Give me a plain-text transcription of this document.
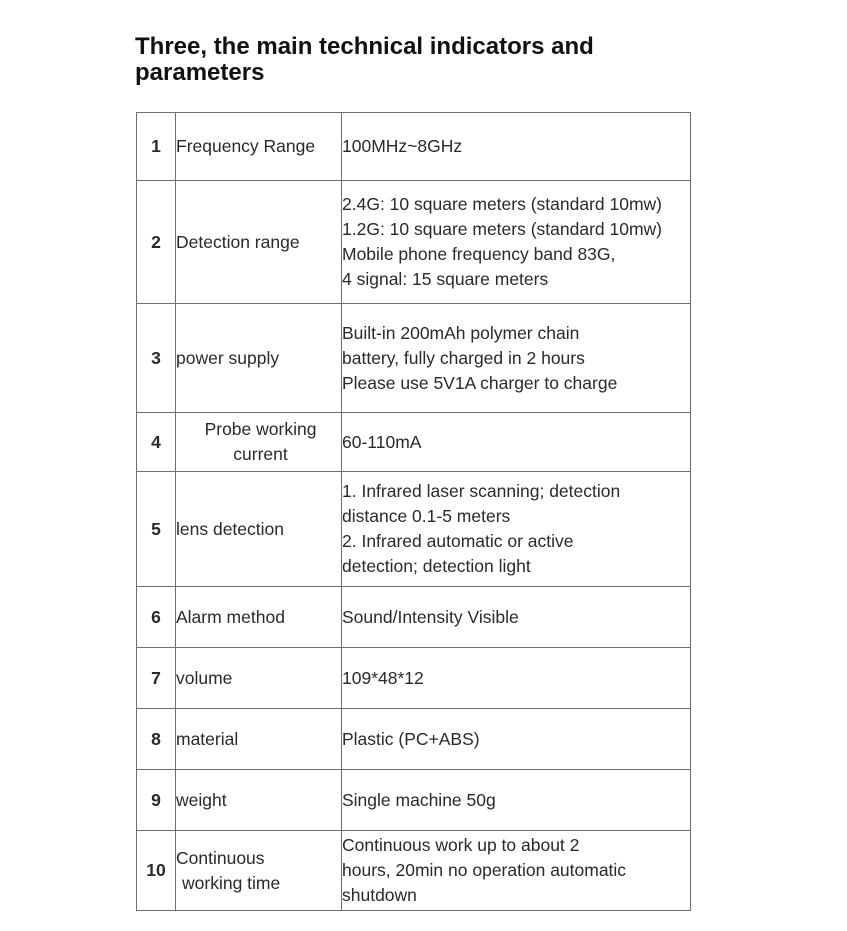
Three, the main technical indicators and parameters
1	Frequency Range	100MHz~8GHz

2	Detection range	2.4G: 10 square meters (standard 10mw)
1.2G: 10 square meters (standard 10mw)
Mobile phone frequency band 83G,
4 signal: 15 square meters

3	power supply	Built-in 200mAh polymer chain
battery, fully charged in 2 hours
Please use 5V1A charger to charge

4	Probe working
current	60-110mA

5	lens detection	1. Infrared laser scanning; detection
distance 0.1-5 meters
2. Infrared automatic or active
detection; detection light

6	Alarm method	Sound/Intensity Visible

7	volume	109*48*12

8	material	Plastic (PC+ABS)

9	weight	Single machine 50g

10	Continuous
working time	Continuous work up to about 2
hours, 20min no operation automatic
shutdown
